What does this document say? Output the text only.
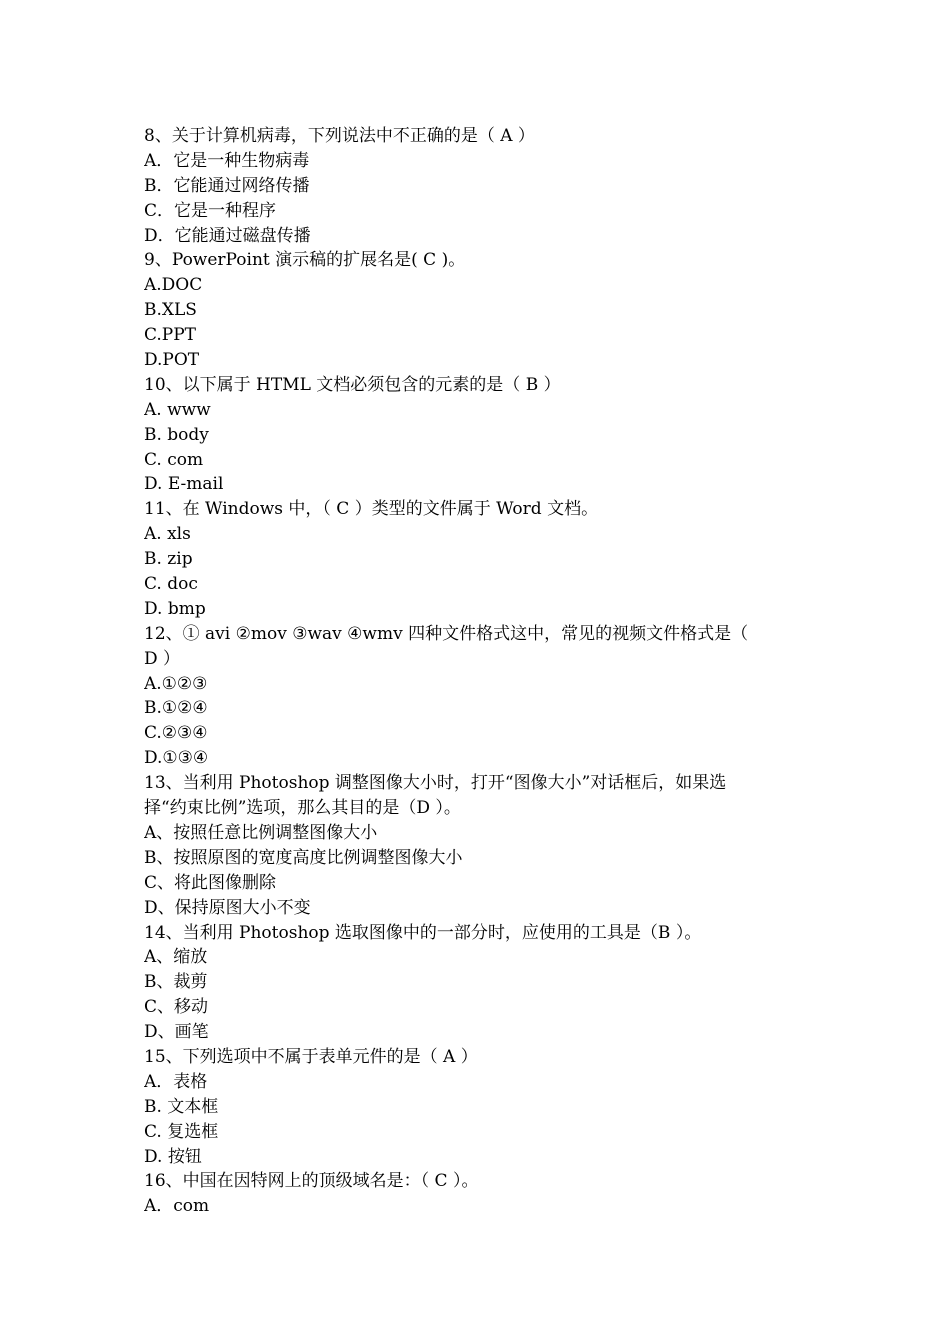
8、关于计算机病毒，下列说法中不正确的是（ A ）
A．它是一种生物病毒
B．它能通过网络传播
C．它是一种程序
D．它能通过磁盘传播
9、PowerPoint 演示稿的扩展名是( C )。
A.DOC
B.XLS
C.PPT
D.POT
10、以下属于 HTML 文档必须包含的元素的是（ B ）
A. www
B. body
C. com
D. E-mail
11、在 Windows 中，（ C ）类型的文件属于 Word 文档。
A. xls
B. zip
C. doc
D. bmp
12、① avi ②mov ③wav ④wmv 四种文件格式这中，常见的视频文件格式是（
D ）
A.①②③
B.①②④
C.②③④
D.①③④
13、当利用 Photoshop 调整图像大小时，打开“图像大小”对话框后，如果选
择“约束比例”选项，那么其目的是（D ）。
A、按照任意比例调整图像大小
B、按照原图的宽度高度比例调整图像大小
C、将此图像删除
D、保持原图大小不变
14、当利用 Photoshop 选取图像中的一部分时，应使用的工具是（B ）。
A、缩放
B、裁剪
C、移动
D、画笔
15、下列选项中不属于表单元件的是（ A ）
A．表格
B. 文本框
C. 复选框
D. 按钮
16、中国在因特网上的顶级域名是：（ C ）。
A．com
